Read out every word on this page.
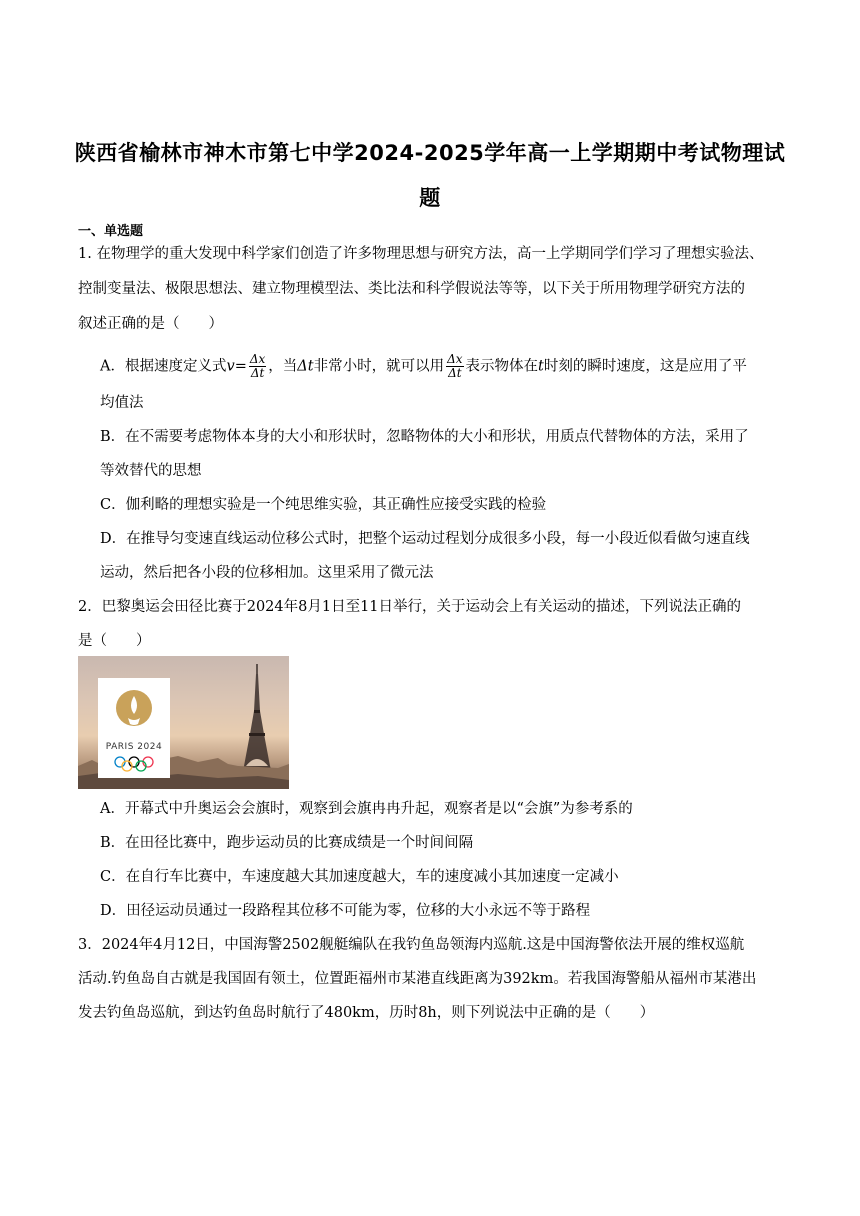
陕西省榆林市神木市第七中学2024-2025学年高一上学期期中考试物理试
题
一、单选题
1. 在物理学的重大发现中科学家们创造了许多物理思想与研究方法，高一上学期同学们学习了理想实验法、
控制变量法、极限思想法、建立物理模型法、类比法和科学假说法等等，以下关于所用物理学研究方法的
叙述正确的是（　　）
A．根据速度定义式$v= \frac{\Delta x}{\Delta t}$ ，当Δt非常小时，就可以用 $\frac{\Delta x}{\Delta t}$ 表示物体在t时刻的瞬时速度，这是应用了平
均值法
B．在不需要考虑物体本身的大小和形状时，忽略物体的大小和形状，用质点代替物体的方法，采用了
等效替代的思想
C．伽利略的理想实验是一个纯思维实验，其正确性应接受实践的检验
D．在推导匀变速直线运动位移公式时，把整个运动过程划分成很多小段，每一小段近似看做匀速直线
运动，然后把各小段的位移相加。这里采用了微元法
2．巴黎奥运会田径比赛于2024年8月1日至11日举行，关于运动会上有关运动的描述，下列说法正确的
是（　　）
PARIS 2024
A．开幕式中升奥运会会旗时，观察到会旗冉冉升起，观察者是以“会旗”为参考系的
B．在田径比赛中，跑步运动员的比赛成绩是一个时间间隔
C．在自行车比赛中，车速度越大其加速度越大，车的速度减小其加速度一定减小
D．田径运动员通过一段路程其位移不可能为零，位移的大小永远不等于路程
3．2024年4月12日，中国海警2502舰艇编队在我钓鱼岛领海内巡航.这是中国海警依法开展的维权巡航
活动.钓鱼岛自古就是我国固有领土，位置距福州市某港直线距离为392km。若我国海警船从福州市某港出
发去钓鱼岛巡航，到达钓鱼岛时航行了480km，历时8h，则下列说法中正确的是（　　）
